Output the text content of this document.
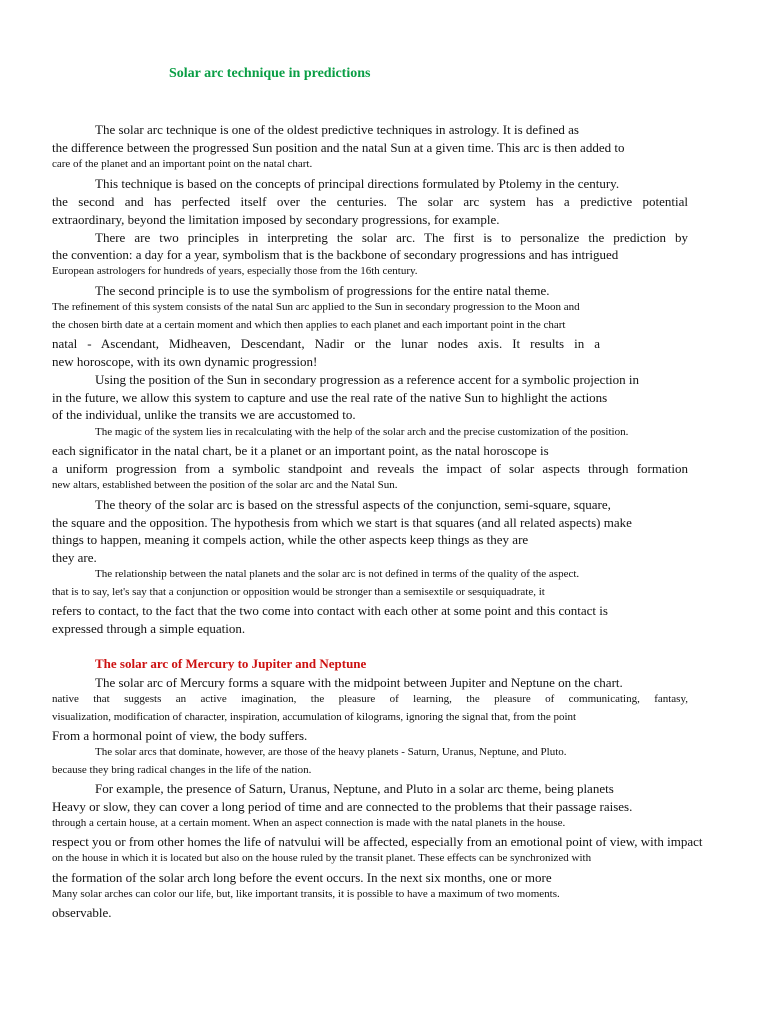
Solar arc technique in predictions
The solar arc technique is one of the oldest predictive techniques in astrology. It is defined as
the difference between the progressed Sun position and the natal Sun at a given time. This arc is then added to
care of the planet and an important point on the natal chart.
This technique is based on the concepts of principal directions formulated by Ptolemy in the century.
the second and has perfected itself over the centuries. The solar arc system has a predictive potential
extraordinary, beyond the limitation imposed by secondary progressions, for example.
There are two principles in interpreting the solar arc. The first is to personalize the prediction by
the convention: a day for a year, symbolism that is the backbone of secondary progressions and has intrigued
European astrologers for hundreds of years, especially those from the 16th century.
The second principle is to use the symbolism of progressions for the entire natal theme.
The refinement of this system consists of the natal Sun arc applied to the Sun in secondary progression to the Moon and
the chosen birth date at a certain moment and which then applies to each planet and each important point in the chart
natal - Ascendant, Midheaven, Descendant, Nadir or the lunar nodes axis. It results in a
new horoscope, with its own dynamic progression!
Using the position of the Sun in secondary progression as a reference accent for a symbolic projection in
in the future, we allow this system to capture and use the real rate of the native Sun to highlight the actions
of the individual, unlike the transits we are accustomed to.
The magic of the system lies in recalculating with the help of the solar arch and the precise customization of the position.
each significator in the natal chart, be it a planet or an important point, as the natal horoscope is
a uniform progression from a symbolic standpoint and reveals the impact of solar aspects through formation
new altars, established between the position of the solar arc and the Natal Sun.
The theory of the solar arc is based on the stressful aspects of the conjunction, semi-square, square,
the square and the opposition. The hypothesis from which we start is that squares (and all related aspects) make
things to happen, meaning it compels action, while the other aspects keep things as they are
they are.
The relationship between the natal planets and the solar arc is not defined in terms of the quality of the aspect.
that is to say, let's say that a conjunction or opposition would be stronger than a semisextile or sesquiquadrate, it
refers to contact, to the fact that the two come into contact with each other at some point and this contact is
expressed through a simple equation.
The solar arc of Mercury to Jupiter and Neptune
The solar arc of Mercury forms a square with the midpoint between Jupiter and Neptune on the chart.
native that suggests an active imagination, the pleasure of learning, the pleasure of communicating, fantasy,
visualization, modification of character, inspiration, accumulation of kilograms, ignoring the signal that, from the point
From a hormonal point of view, the body suffers.
The solar arcs that dominate, however, are those of the heavy planets - Saturn, Uranus, Neptune, and Pluto.
because they bring radical changes in the life of the nation.
For example, the presence of Saturn, Uranus, Neptune, and Pluto in a solar arc theme, being planets
Heavy or slow, they can cover a long period of time and are connected to the problems that their passage raises.
through a certain house, at a certain moment. When an aspect connection is made with the natal planets in the house.
respect you or from other homes the life of natvului will be affected, especially from an emotional point of view, with impact
on the house in which it is located but also on the house ruled by the transit planet. These effects can be synchronized with
the formation of the solar arch long before the event occurs. In the next six months, one or more
Many solar arches can color our life, but, like important transits, it is possible to have a maximum of two moments.
observable.
